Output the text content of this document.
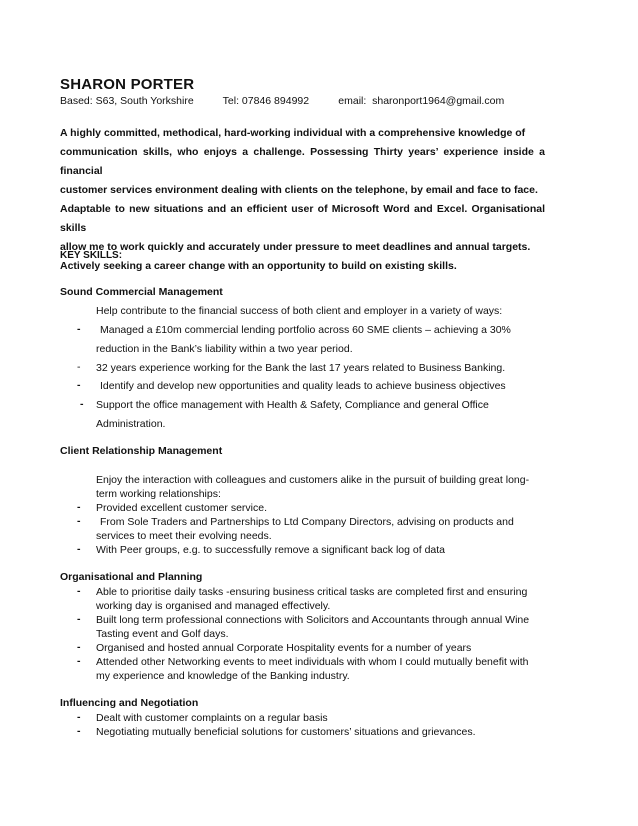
SHARON PORTER
Based: S63, South Yorkshire	Tel: 07846 894992	email:  sharonport1964@gmail.com

A highly committed, methodical, hard-working individual with a comprehensive knowledge of

communication skills, who enjoys a challenge. Possessing Thirty years’ experience inside a financial

customer services environment dealing with clients on the telephone, by email and face to face.

Adaptable to new situations and an efficient user of Microsoft Word and Excel. Organisational skills

allow me to work quickly and accurately under pressure to meet deadlines and annual targets.

Actively seeking a career change with an opportunity to build on existing skills.

KEY SKILLS:
Sound Commercial Management
Help contribute to the financial success of both client and employer in a variety of ways:
- Managed a £10m commercial lending portfolio across 60 SME clients – achieving a 30%
reduction in the Bank’s liability within a two year period.
- 32 years experience working for the Bank the last 17 years related to Business Banking.
- Identify and develop new opportunities and quality leads to achieve business objectives
- Support the office management with Health & Safety, Compliance and general Office
Administration.
Client Relationship Management
Enjoy the interaction with colleagues and customers alike in the pursuit of building great long-
term working relationships:
- Provided excellent customer service.
- From Sole Traders and Partnerships to Ltd Company Directors, advising on products and
services to meet their evolving needs.
- With Peer groups, e.g. to successfully remove a significant back log of data
Organisational and Planning
- Able to prioritise daily tasks -ensuring business critical tasks are completed first and ensuring
working day is organised and managed effectively.
- Built long term professional connections with Solicitors and Accountants through annual Wine
Tasting event and Golf days.
- Organised and hosted annual Corporate Hospitality events for a number of years
- Attended other Networking events to meet individuals with whom I could mutually benefit with
my experience and knowledge of the Banking industry.
Influencing and Negotiation
- Dealt with customer complaints on a regular basis
- Negotiating mutually beneficial solutions for customers’ situations and grievances.
